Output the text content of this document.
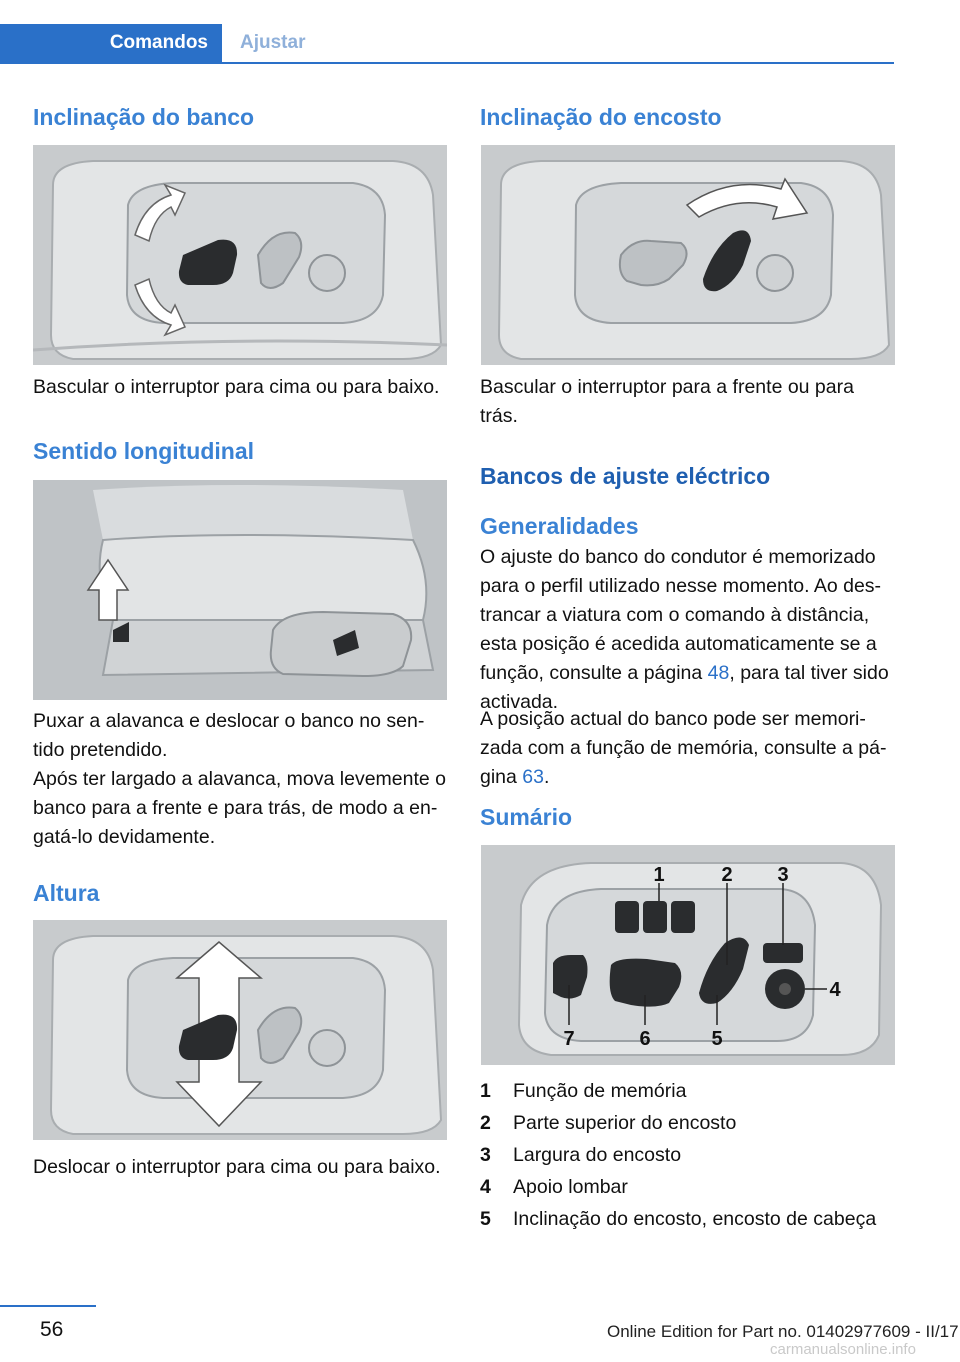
Comandos	Ajustar
Inclinação do banco

Bascular o interruptor para cima ou para baixo.

Sentido longitudinal

Puxar a alavanca e deslocar o banco no sen-tido pretendido.

Após ter largado a alavanca, mova levemente o banco para a frente e para trás, de modo a en-gatá-lo devidamente.

Altura

Deslocar o interruptor para cima ou para baixo.

Inclinação do encosto

Bascular o interruptor para a frente ou para trás.

Bancos de ajuste eléctrico
Generalidades

O ajuste do banco do condutor é memorizado para o perfil utilizado nesse momento. Ao des-trancar a viatura com o comando à distância, esta posição é acedida automaticamente se a função, consulte a página 48, para tal tiver sido activada.

A posição actual do banco pode ser memori-zada com a função de memória, consulte a pá-gina 63.

Sumário
1	2 3
4
5
6
7
1	Função de memória
2	Parte superior do encosto
3	Largura do encosto
4	Apoio lombar
5	Inclinação do encosto, encosto de cabeça
56	Online Edition for Part no. 01402977609 - II/17
carmanualsonline.info
